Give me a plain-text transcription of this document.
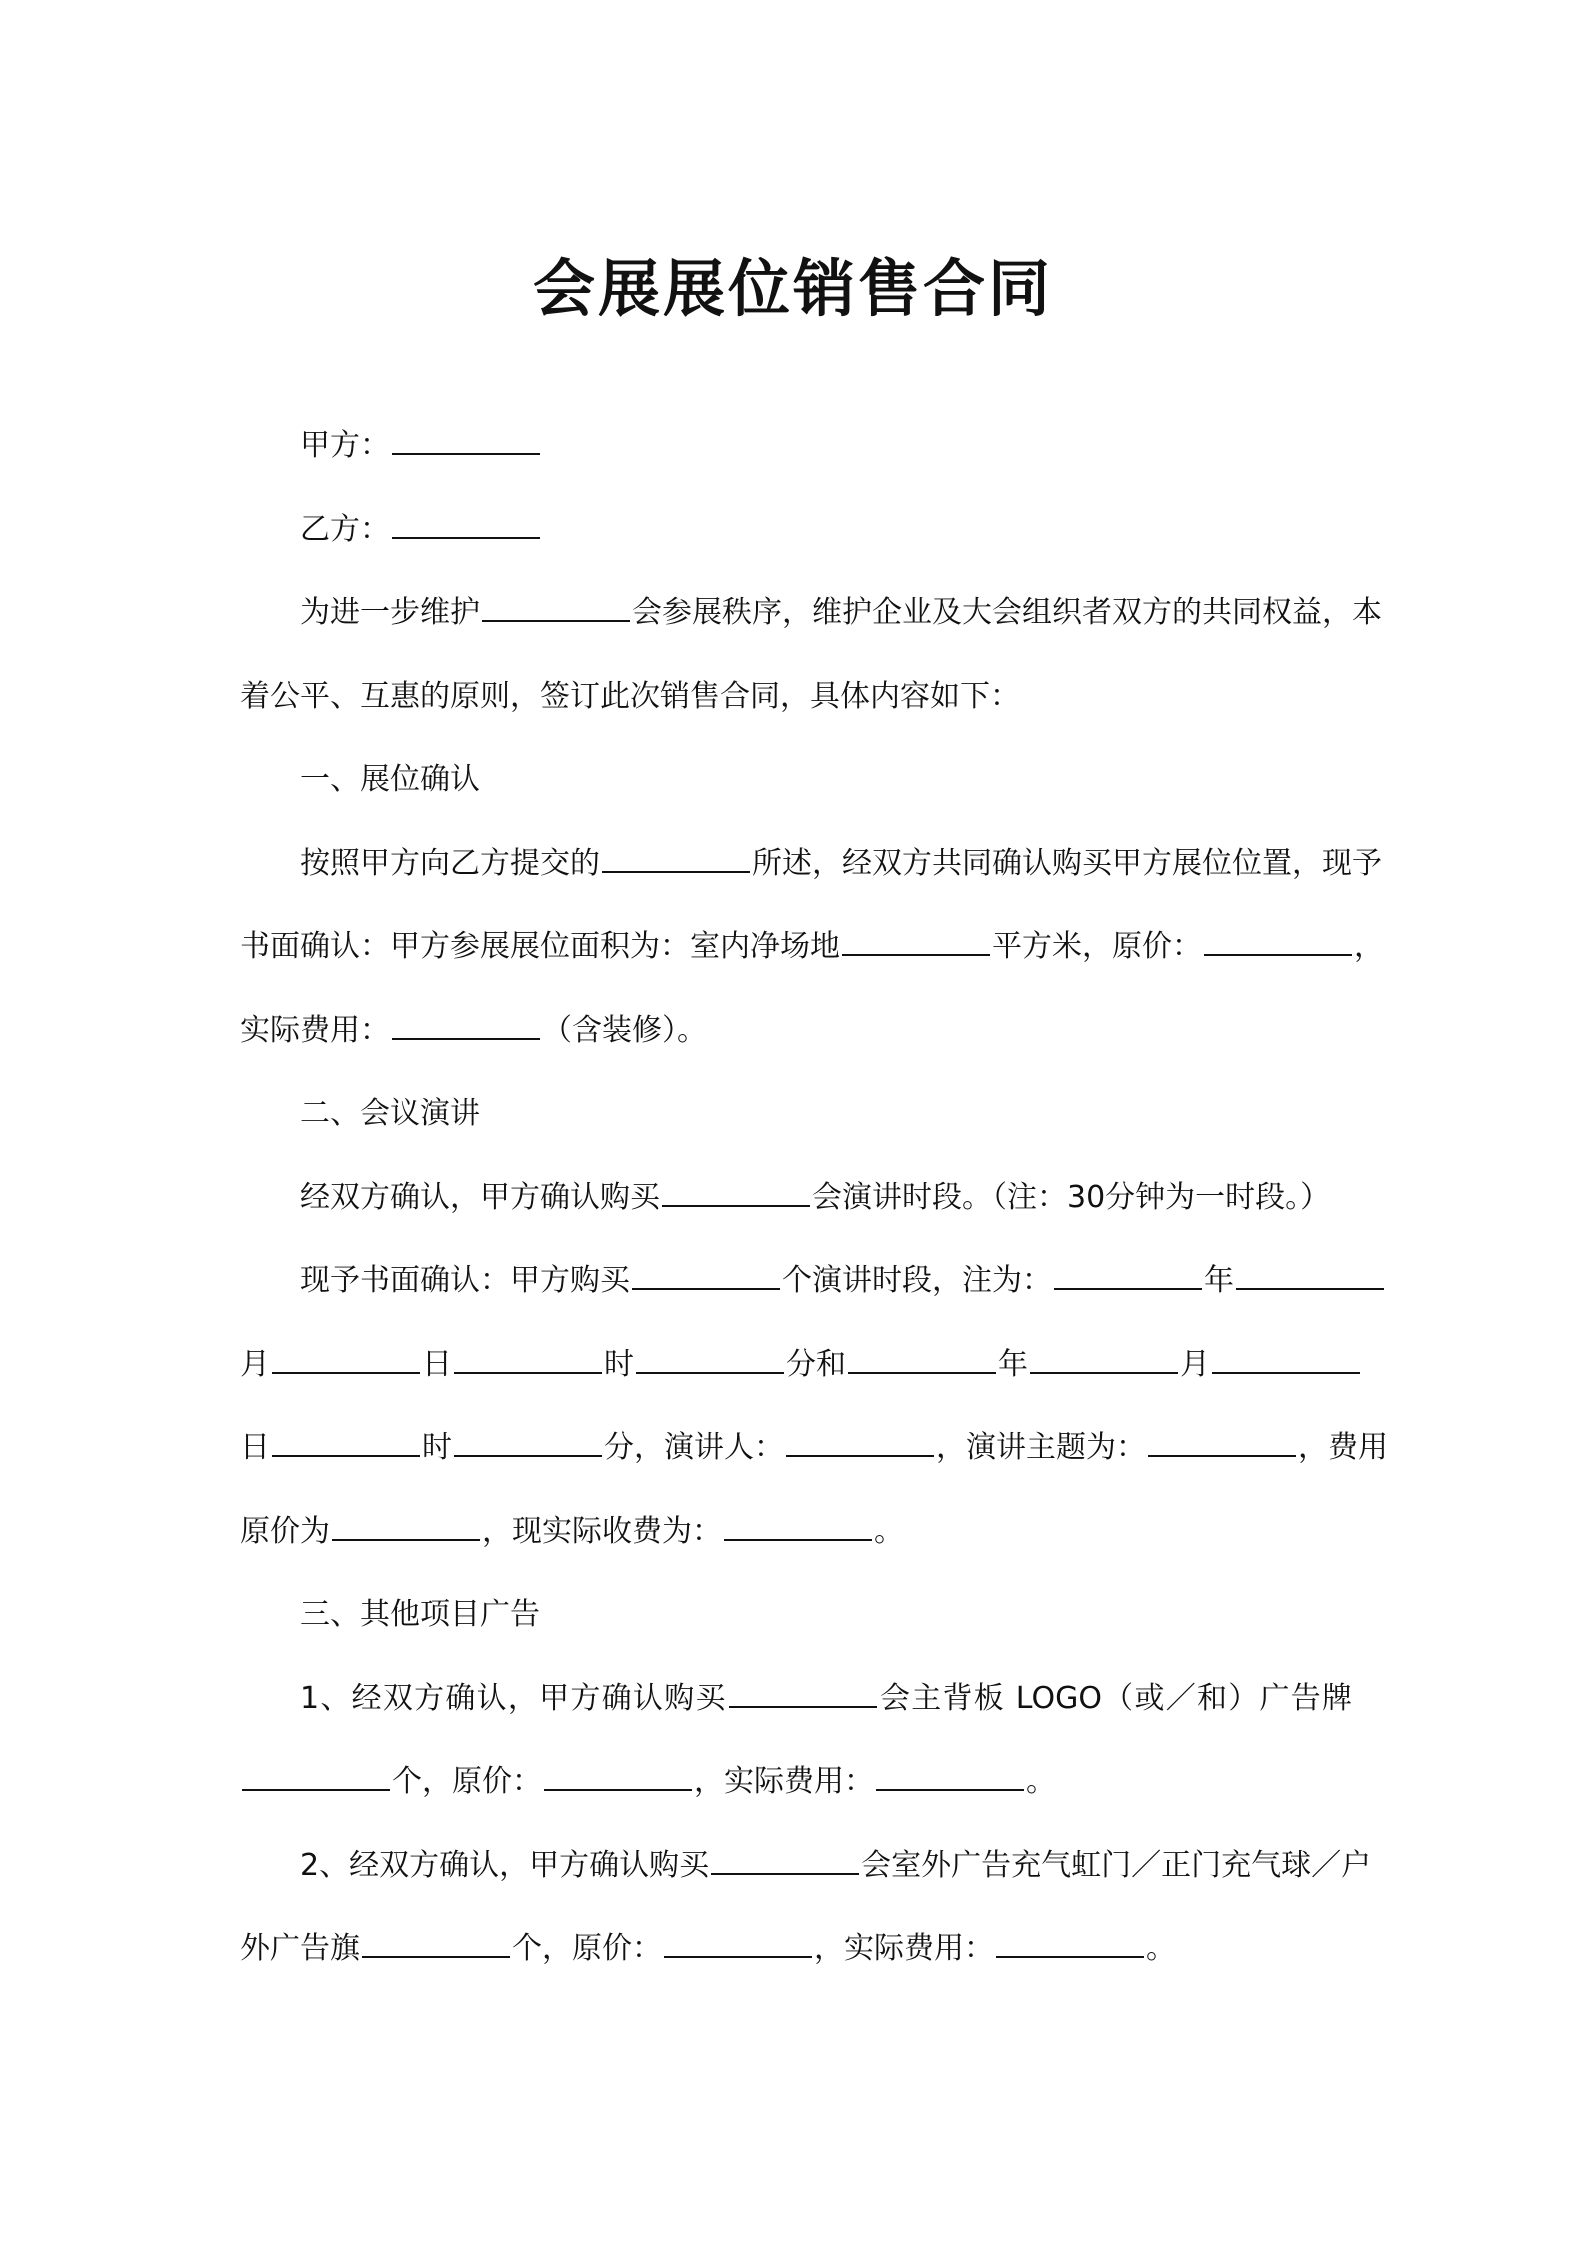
会展展位销售合同
甲方：
乙方：
为进一步维护	会参展秩序，维护企业及大会组织者双方的共同权益，本
着公平、互惠的原则，签订此次销售合同，具体内容如下：
一、展位确认
按照甲方向乙方提交的	所述，经双方共同确认购买甲方展位位置，现予
书面确认：甲方参展展位面积为：室内净场地	平方米，原价：	，
实际费用：	（含装修）。
二、会议演讲
经双方确认，甲方确认购买	会演讲时段。（注：30分钟为一时段。）
现予书面确认：甲方购买	个演讲时段，注为：	年
月	日	时	分和	年	月
日	时	分，演讲人：	，演讲主题为：	，费用
原价为	，现实际收费为：	。
三、其他项目广告
1、经双方确认，甲方确认购买	会主背板 LOGO（或／和）广告牌
个，原价：	，实际费用：	。
2、经双方确认，甲方确认购买	会室外广告充气虹门／正门充气球／户
外广告旗	个，原价：	，实际费用：	。
